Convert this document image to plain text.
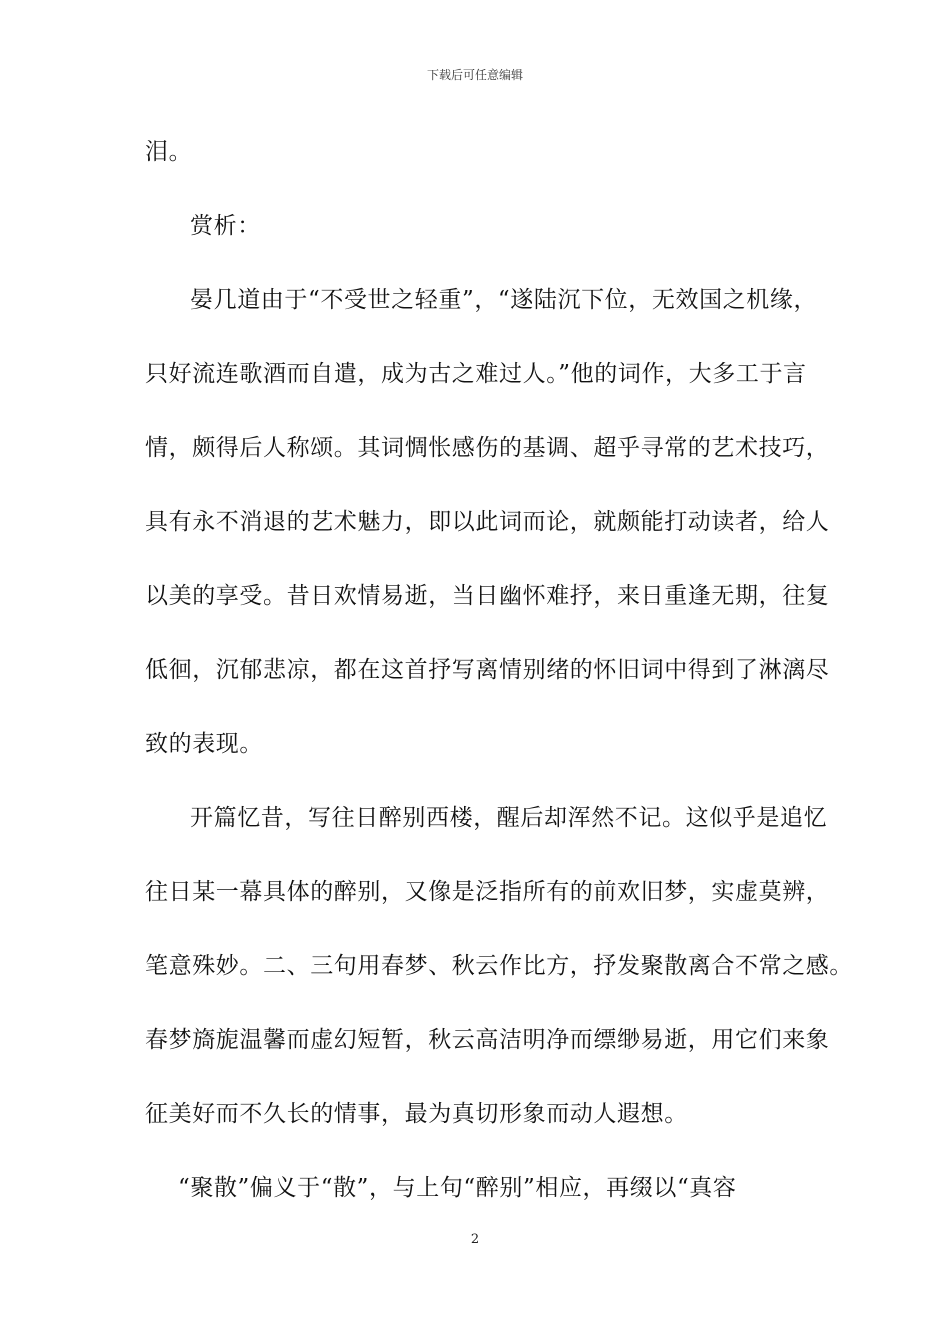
下载后可任意编辑
泪。
赏析：
晏几道由于“不受世之轻重”，“遂陆沉下位，无效国之机缘，
只好流连歌酒而自遣，成为古之难过人。”他的词作，大多工于言
情，颇得后人称颂。其词惆怅感伤的基调、超乎寻常的艺术技巧，
具有永不消退的艺术魅力，即以此词而论，就颇能打动读者，给人
以美的享受。昔日欢情易逝，当日幽怀难抒，来日重逢无期，往复
低徊，沉郁悲凉，都在这首抒写离情别绪的怀旧词中得到了淋漓尽
致的表现。
开篇忆昔，写往日醉别西楼，醒后却浑然不记。这似乎是追忆
往日某一幕具体的醉别，又像是泛指所有的前欢旧梦，实虚莫辨，
笔意殊妙。二、三句用春梦、秋云作比方，抒发聚散离合不常之感。
春梦旖旎温馨而虚幻短暂，秋云高洁明净而缥缈易逝，用它们来象
征美好而不久长的情事，最为真切形象而动人遐想。
“聚散”偏义于“散”，与上句“醉别”相应，再缀以“真容
2
